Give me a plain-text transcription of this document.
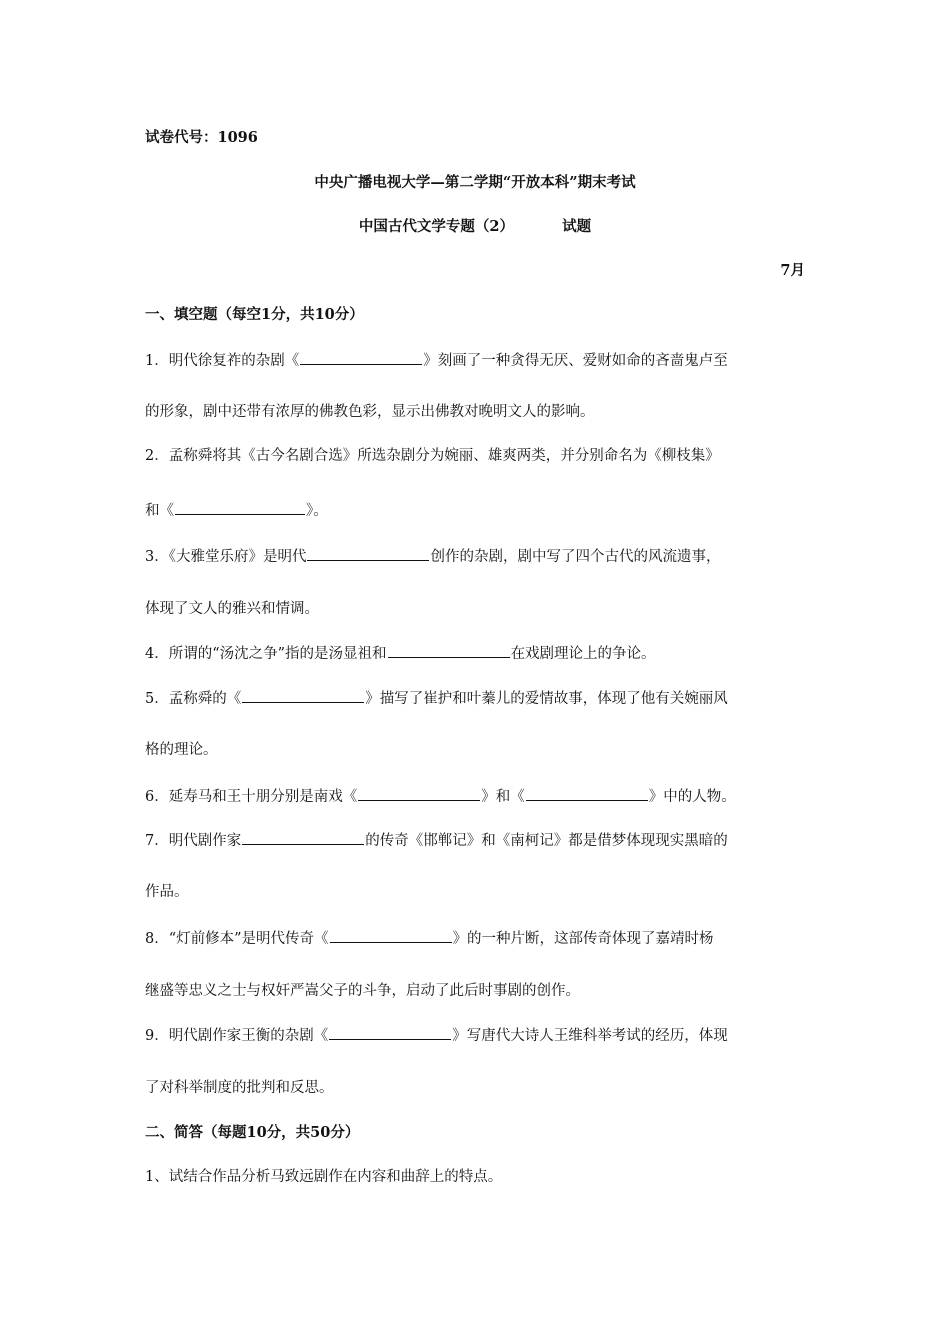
试卷代号：1096
中央广播电视大学—第二学期“开放本科”期末考试
中国古代文学专题（2）	试题
7月
一、填空题（每空1分，共10分）
1．明代徐复祚的杂剧《	》刻画了一种贪得无厌、爱财如命的吝啬鬼卢至
的形象，剧中还带有浓厚的佛教色彩，显示出佛教对晚明文人的影响。
2．孟称舜将其《古今名剧合选》所选杂剧分为婉丽、雄爽两类，并分别命名为《柳枝集》
和《	》。
3．《大雅堂乐府》是明代	创作的杂剧，剧中写了四个古代的风流遗事，
体现了文人的雅兴和情调。
4．所谓的“汤沈之争”指的是汤显祖和	在戏剧理论上的争论。
5．孟称舜的《	》描写了崔护和叶蓁儿的爱情故事，体现了他有关婉丽风
格的理论。
6．延寿马和王十朋分别是南戏《	》和《	》中的人物。
7．明代剧作家	的传奇《邯郸记》和《南柯记》都是借梦体现现实黑暗的
作品。
8．“灯前修本”是明代传奇《	》的一种片断，这部传奇体现了嘉靖时杨
继盛等忠义之士与权奸严嵩父子的斗争，启动了此后时事剧的创作。
9．明代剧作家王衡的杂剧《	》写唐代大诗人王维科举考试的经历，体现
了对科举制度的批判和反思。
二、简答（每题10分，共50分）
1、试结合作品分析马致远剧作在内容和曲辞上的特点。
